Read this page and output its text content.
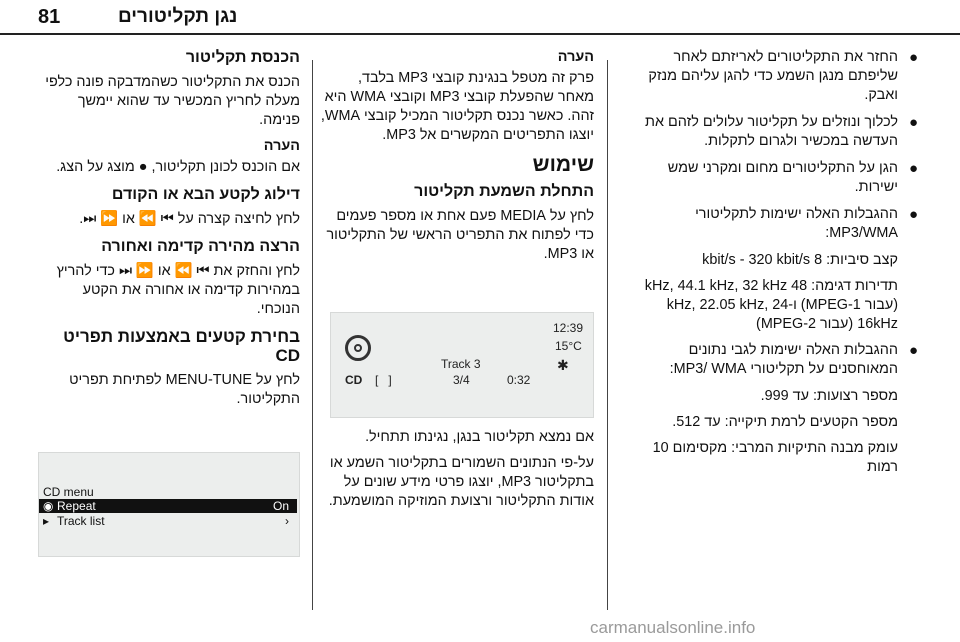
נגן תקליטורים
81
●
החזר את התקליטורים לאריזתם לאחר שליפתם מנגן השמע כדי להגן עליהם מנזק ואבק.
●
לכלוך ונוזלים על תקליטור עלולים לזהם את העדשה במכשיר ולגרום לתקלות.
●
הגן על התקליטורים מחום ומקרני שמש ישירות.
●
ההגבלות האלה ישימות לתקליטורי MP3/WMA:

קצב סיביות: 8 kbit/s - 320 kbit/s

תדירות דגימה: 48 kHz, 44.1 kHz, 32 kHz (עבור MPEG-1) ו-24 kHz, 22.05 kHz, 16kHz (עבור MPEG-2)

●
ההגבלות האלה ישימות לגבי נתונים המאוחסנים על תקליטורי MP3/ WMA:

מספר רצועות: עד 999.

מספר הקטעים לרמת תיקייה: עד 512.

עומק מבנה התיקיות המרבי: מקסימום 10 רמות

הערה

פרק זה מטפל בנגינת קובצי MP3 בלבד, מאחר שהפעלת קובצי MP3 וקובצי WMA היא זהה. כאשר נכנס תקליטור המכיל קובצי WMA, יוצגו התפריטים המקשרים אל MP3.

שימוש
התחלת השמעת תקליטור

לחץ על MEDIA פעם אחת או מספר פעמים כדי לפתוח את התפריט הראשי של התקליטור או MP3.

12:39
15°C
✱
Track 3
CD [   ]	3/4	0:32

אם נמצא תקליטור בנגן, נגינתו תתחיל.

על-פי הנתונים השמורים בתקליטור השמע או בתקליטור MP3, יוצגו פרטי מידע שונים על אודות התקליטור ורצועת המוזיקה המושמעת.

הכנסת תקליטור

הכנס את התקליטור כשהמדבקה פונה כלפי מעלה לחריץ המכשיר עד שהוא יימשך פנימה.

הערה

אם הוכנס לכונן תקליטור, ● מוצג על הצג.

דילוג לקטע הבא או הקודם

לחץ לחיצה קצרה על ⏮ ⏪ או ⏩ ⏭.

הרצה מהירה קדימה ואחורה

לחץ והחזק את ⏮ ⏪ או ⏩ ⏭ כדי להריץ במהירות קדימה או אחורה את הקטע הנוכחי.

בחירת קטעים באמצעות תפריט CD

לחץ על MENU-TUNE לפתיחת תפריט התקליטור.

CD menu
◉ Repeat	On
▸ Track list	›
carmanualsonline.info
